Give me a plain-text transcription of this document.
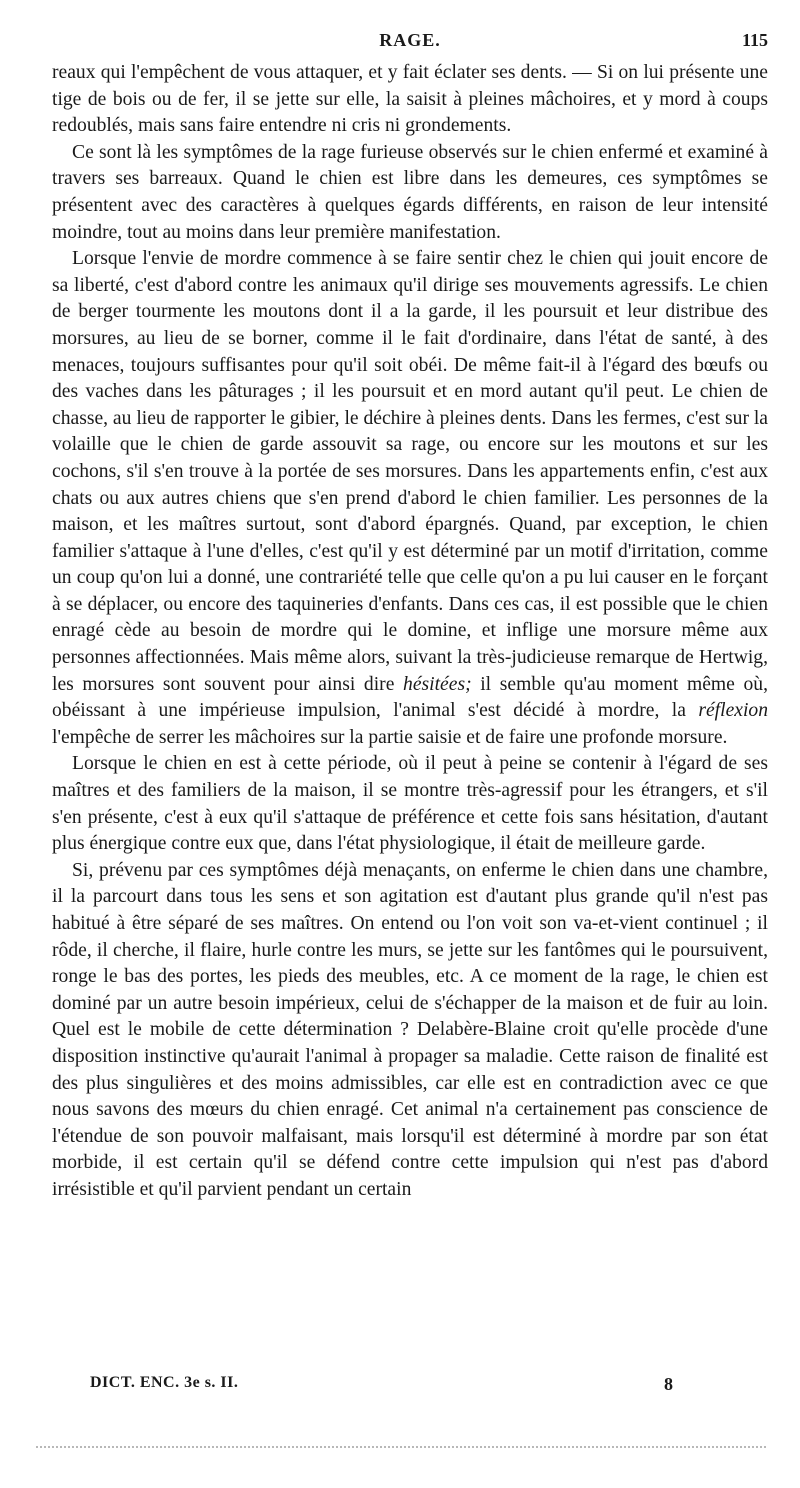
RAGE.	115

reaux qui l'empêchent de vous attaquer, et y fait éclater ses dents. — Si on lui présente une tige de bois ou de fer, il se jette sur elle, la saisit à pleines mâchoires, et y mord à coups redoublés, mais sans faire entendre ni cris ni grondements.

Ce sont là les symptômes de la rage furieuse observés sur le chien enfermé et examiné à travers ses barreaux. Quand le chien est libre dans les demeures, ces symptômes se présentent avec des caractères à quelques égards différents, en raison de leur intensité moindre, tout au moins dans leur première manifestation.

Lorsque l'envie de mordre commence à se faire sentir chez le chien qui jouit encore de sa liberté, c'est d'abord contre les animaux qu'il dirige ses mouvements agressifs. Le chien de berger tourmente les moutons dont il a la garde, il les poursuit et leur distribue des morsures, au lieu de se borner, comme il le fait d'ordinaire, dans l'état de santé, à des menaces, toujours suffisantes pour qu'il soit obéi. De même fait-il à l'égard des bœufs ou des vaches dans les pâturages ; il les poursuit et en mord autant qu'il peut. Le chien de chasse, au lieu de rapporter le gibier, le déchire à pleines dents. Dans les fermes, c'est sur la volaille que le chien de garde assouvit sa rage, ou encore sur les moutons et sur les cochons, s'il s'en trouve à la portée de ses morsures. Dans les appartements enfin, c'est aux chats ou aux autres chiens que s'en prend d'abord le chien familier. Les personnes de la maison, et les maîtres surtout, sont d'abord épargnés. Quand, par exception, le chien familier s'attaque à l'une d'elles, c'est qu'il y est déterminé par un motif d'irritation, comme un coup qu'on lui a donné, une contrariété telle que celle qu'on a pu lui causer en le forçant à se déplacer, ou encore des taquineries d'enfants. Dans ces cas, il est possible que le chien enragé cède au besoin de mordre qui le domine, et inflige une morsure même aux personnes affectionnées. Mais même alors, suivant la très-judicieuse remarque de Hertwig, les morsures sont souvent pour ainsi dire hésitées; il semble qu'au moment même où, obéissant à une impérieuse impulsion, l'animal s'est décidé à mordre, la réflexion l'empêche de serrer les mâchoires sur la partie saisie et de faire une profonde morsure.

Lorsque le chien en est à cette période, où il peut à peine se contenir à l'égard de ses maîtres et des familiers de la maison, il se montre très-agressif pour les étrangers, et s'il s'en présente, c'est à eux qu'il s'attaque de préférence et cette fois sans hésitation, d'autant plus énergique contre eux que, dans l'état physiologique, il était de meilleure garde.

Si, prévenu par ces symptômes déjà menaçants, on enferme le chien dans une chambre, il la parcourt dans tous les sens et son agitation est d'autant plus grande qu'il n'est pas habitué à être séparé de ses maîtres. On entend ou l'on voit son va-et-vient continuel ; il rôde, il cherche, il flaire, hurle contre les murs, se jette sur les fantômes qui le poursuivent, ronge le bas des portes, les pieds des meubles, etc. A ce moment de la rage, le chien est dominé par un autre besoin impérieux, celui de s'échapper de la maison et de fuir au loin. Quel est le mobile de cette détermination ? Delabère-Blaine croit qu'elle procède d'une disposition instinctive qu'aurait l'animal à propager sa maladie. Cette raison de finalité est des plus singulières et des moins admissibles, car elle est en contradiction avec ce que nous savons des mœurs du chien enragé. Cet animal n'a certainement pas conscience de l'étendue de son pouvoir malfaisant, mais lorsqu'il est déterminé à mordre par son état morbide, il est certain qu'il se défend contre cette impulsion qui n'est pas d'abord irrésistible et qu'il parvient pendant un certain

DICT. ENC. 3e s. II.	8
